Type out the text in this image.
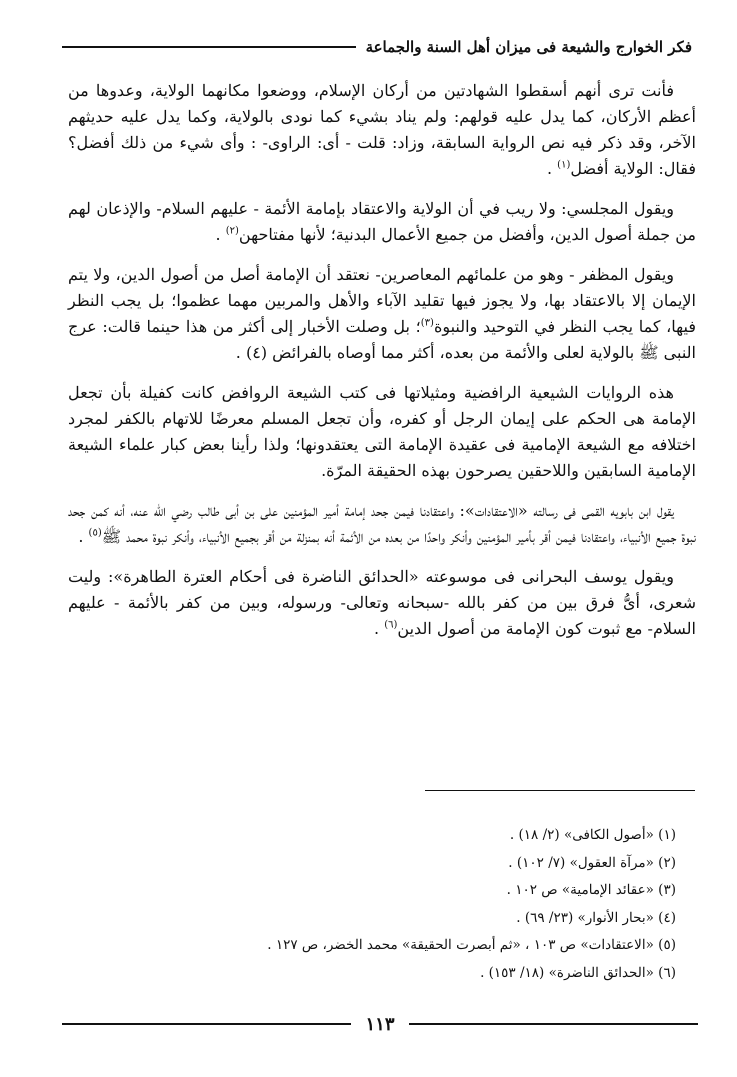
فكر الخوارج والشيعة فى ميزان أهل السنة والجماعة

فأنت ترى أنهم أسقطوا الشهادتين من أركان الإسلام، ووضعوا مكانهما الولاية، وعدوها من أعظم الأركان، كما يدل عليه قولهم: ولم يناد بشيء كما نودى بالولاية، وكما يدل عليه حديثهم الآخر، وقد ذكر فيه نص الرواية السابقة، وزاد: قلت - أى: الراوى- : وأى شيء من ذلك أفضل؟ فقال: الولاية أفضل$^{(١)}$ .

ويقول المجلسي: ولا ريب في أن الولاية والاعتقاد بإمامة الأئمة - عليهم السلام- والإذعان لهم من جملة أصول الدين، وأفضل من جميع الأعمال البدنية؛ لأنها مفتاحهن$^{(٢)}$ .

ويقول المظفر - وهو من علمائهم المعاصرين- نعتقد أن الإمامة أصل من أصول الدين، ولا يتم الإيمان إلا بالاعتقاد بها، ولا يجوز فيها تقليد الآباء والأهل والمربين مهما عظموا؛ بل يجب النظر فيها، كما يجب النظر في التوحيد والنبوة$^{(٣)}$؛ بل وصلت الأخبار إلى أكثر من هذا حينما قالت: عرج النبى ﷺ بالولاية لعلى والأئمة من بعده، أكثر مما أوصاه بالفرائض (٤) .

هذه الروايات الشيعية الرافضية ومثيلاتها فى كتب الشيعة الروافض كانت كفيلة بأن تجعل الإمامة هى الحكم على إيمان الرجل أو كفره، وأن تجعل المسلم معرضًا للاتهام بالكفر لمجرد اختلافه مع الشيعة الإمامية فى عقيدة الإمامة التى يعتقدونها؛ ولذا رأينا بعض كبار علماء الشيعة الإمامية السابقين واللاحقين يصرحون بهذه الحقيقة المرّة.

يقول ابن بابويه القمى فى رسالته «الاعتقادات»: واعتقادنا فيمن جحد إمامة أمير المؤمنين على بن أبى طالب رضي الله عنه، أنه كمن جحد نبوة جميع الأنبياء، واعتقادنا فيمن أقر بأمير المؤمنين وأنكر واحدًا من بعده من الأئمة أنه بمنزلة من أقر بجميع الأنبياء، وأنكر نبوة محمد ﷺ$^{(٥)}$ .

ويقول يوسف البحرانى فى موسوعته «الحدائق الناضرة فى أحكام العترة الطاهرة»: وليت شعرى، أىُّ فرق بين من كفر بالله -سبحانه وتعالى- ورسوله، وبين من كفر بالأئمة - عليهم السلام- مع ثبوت كون الإمامة من أصول الدين$^{(٦)}$ .

(١) «أصول الكافى» (٢/ ١٨) .
(٢) «مرآة العقول» (٧/ ١٠٢) .
(٣) «عقائد الإمامية» ص ١٠٢ .
(٤) «بحار الأنوار» (٢٣/ ٦٩) .
(٥) «الاعتقادات» ص ١٠٣ ، «ثم أبصرت الحقيقة» محمد الخضر، ص ١٢٧ .
(٦) «الحدائق الناضرة» (١٨/ ١٥٣) .
١١٣
